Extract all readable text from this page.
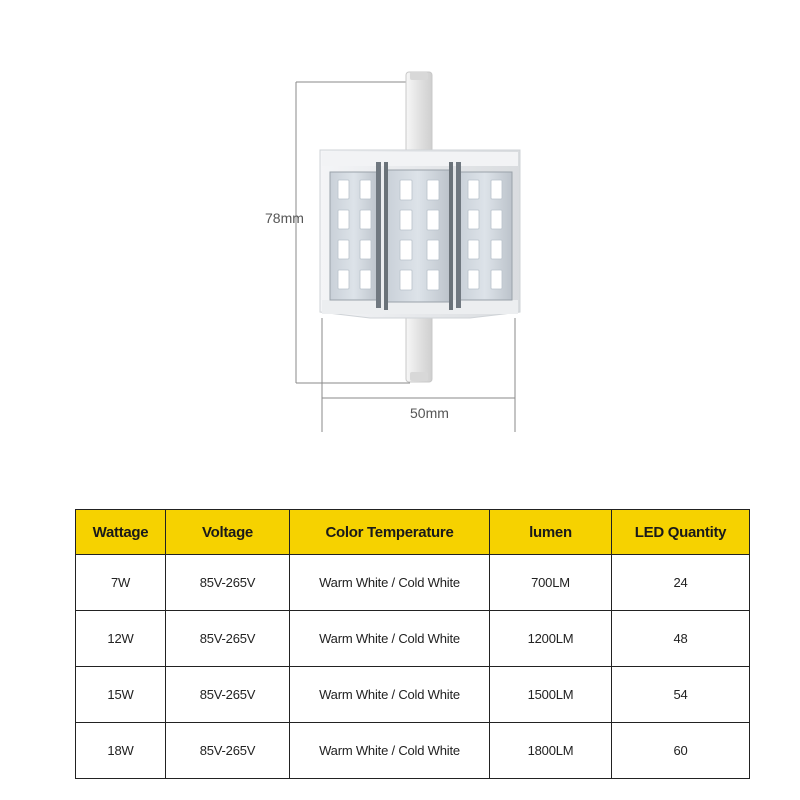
78mm
50mm
Wattage	Voltage	Color Temperature	lumen	LED Quantity
7W	85V-265V	Warm White / Cold White	700LM	24
12W	85V-265V	Warm White / Cold White	1200LM	48
15W	85V-265V	Warm White / Cold White	1500LM	54
18W	85V-265V	Warm White / Cold White	1800LM	60
